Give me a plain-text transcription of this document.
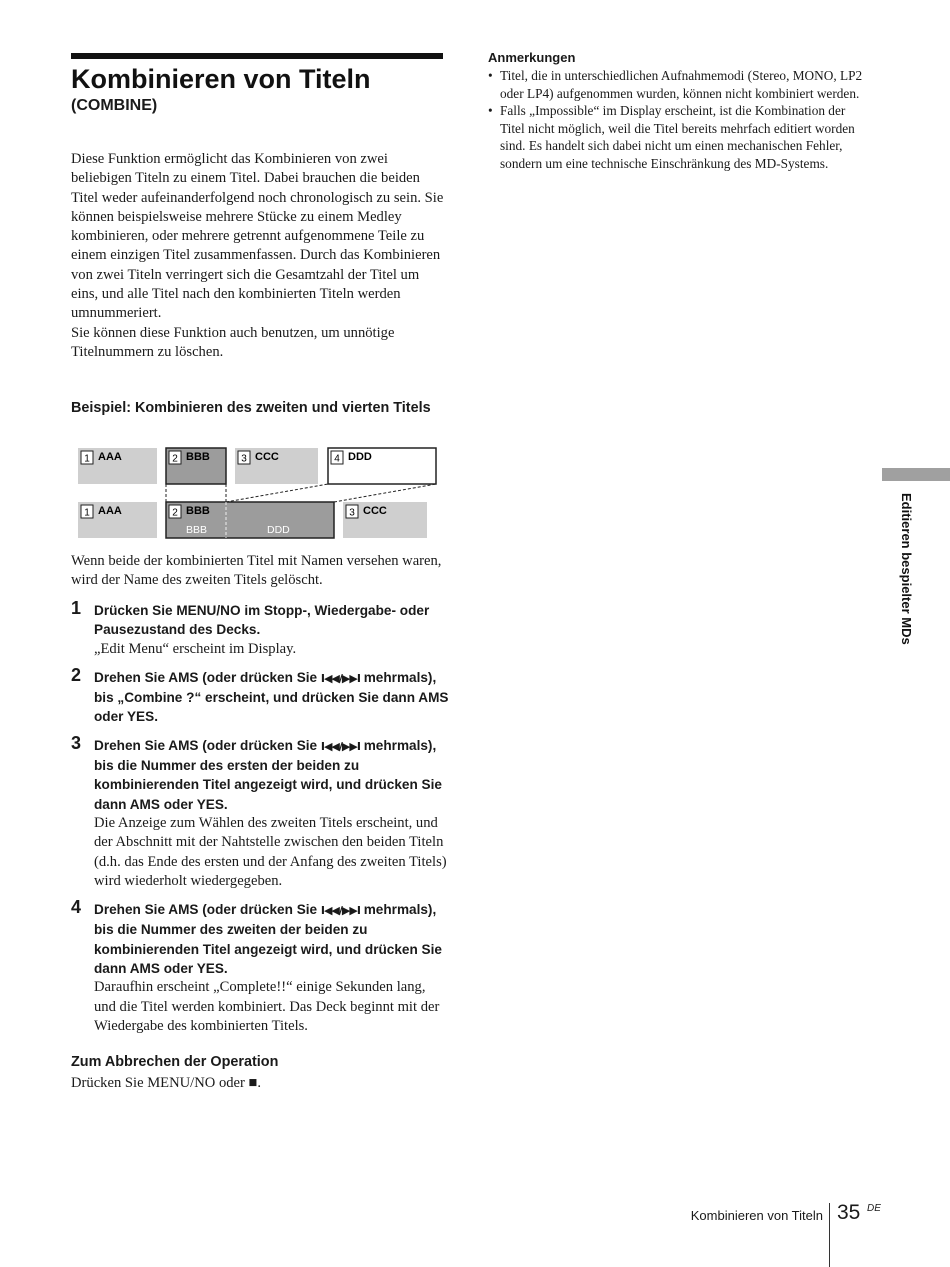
Kombinieren von Titeln
(COMBINE)

Diese Funktion ermöglicht das Kombinieren von zwei beliebigen Titeln zu einem Titel. Dabei brauchen die beiden Titel weder aufeinanderfolgend noch chronologisch zu sein. Sie können beispielsweise mehrere Stücke zu einem Medley kombinieren, oder mehrere getrennt aufgenommene Teile zu einem einzigen Titel zusammenfassen. Durch das Kombinieren von zwei Titeln verringert sich die Gesamtzahl der Titel um eins, und alle Titel nach den kombinierten Titeln werden umnummeriert.

Sie können diese Funktion auch benutzen, um unnötige Titelnummern zu löschen.

Beispiel: Kombinieren des zweiten und vierten Titels

1 AAA	2 BBB	3 CCC	4 DDD
1 AAA	2 BBB
BBB	DDD
3 CCC

Wenn beide der kombinierten Titel mit Namen versehen waren, wird der Name des zweiten Titels gelöscht.

1 Drücken Sie MENU/NO im Stopp-, Wiedergabe- oder Pausezustand des Decks.

„Edit Menu“ erscheint im Display.

2 Drehen Sie AMS (oder drücken Sie I◀◀/▶▶I mehrmals), bis „Combine ?“ erscheint, und drücken Sie dann AMS oder YES.

3 Drehen Sie AMS (oder drücken Sie I◀◀/▶▶I mehrmals), bis die Nummer des ersten der beiden zu kombinierenden Titel angezeigt wird, und drücken Sie dann AMS oder YES.

Die Anzeige zum Wählen des zweiten Titels erscheint, und der Abschnitt mit der Nahtstelle zwischen den beiden Titeln (d.h. das Ende des ersten und der Anfang des zweiten Titels) wird wiederholt wiedergegeben.

4 Drehen Sie AMS (oder drücken Sie I◀◀/▶▶I mehrmals), bis die Nummer des zweiten der beiden zu kombinierenden Titel angezeigt wird, und drücken Sie dann AMS oder YES.

Daraufhin erscheint „Complete!!“ einige Sekunden lang, und die Titel werden kombiniert. Das Deck beginnt mit der Wiedergabe des kombinierten Titels.

Zum Abbrechen der Operation

Drücken Sie MENU/NO oder ■.

Anmerkungen

• Titel, die in unterschiedlichen Aufnahmemodi (Stereo, MONO, LP2 oder LP4) aufgenommen wurden, können nicht kombiniert werden.
• Falls „Impossible“ im Display erscheint, ist die Kombination der Titel nicht möglich, weil die Titel bereits mehrfach editiert worden sind. Es handelt sich dabei nicht um einen mechanischen Fehler, sondern um eine technische Einschränkung des MD-Systems.
Editieren bespielter MDs
Kombinieren von Titeln 35 DE
